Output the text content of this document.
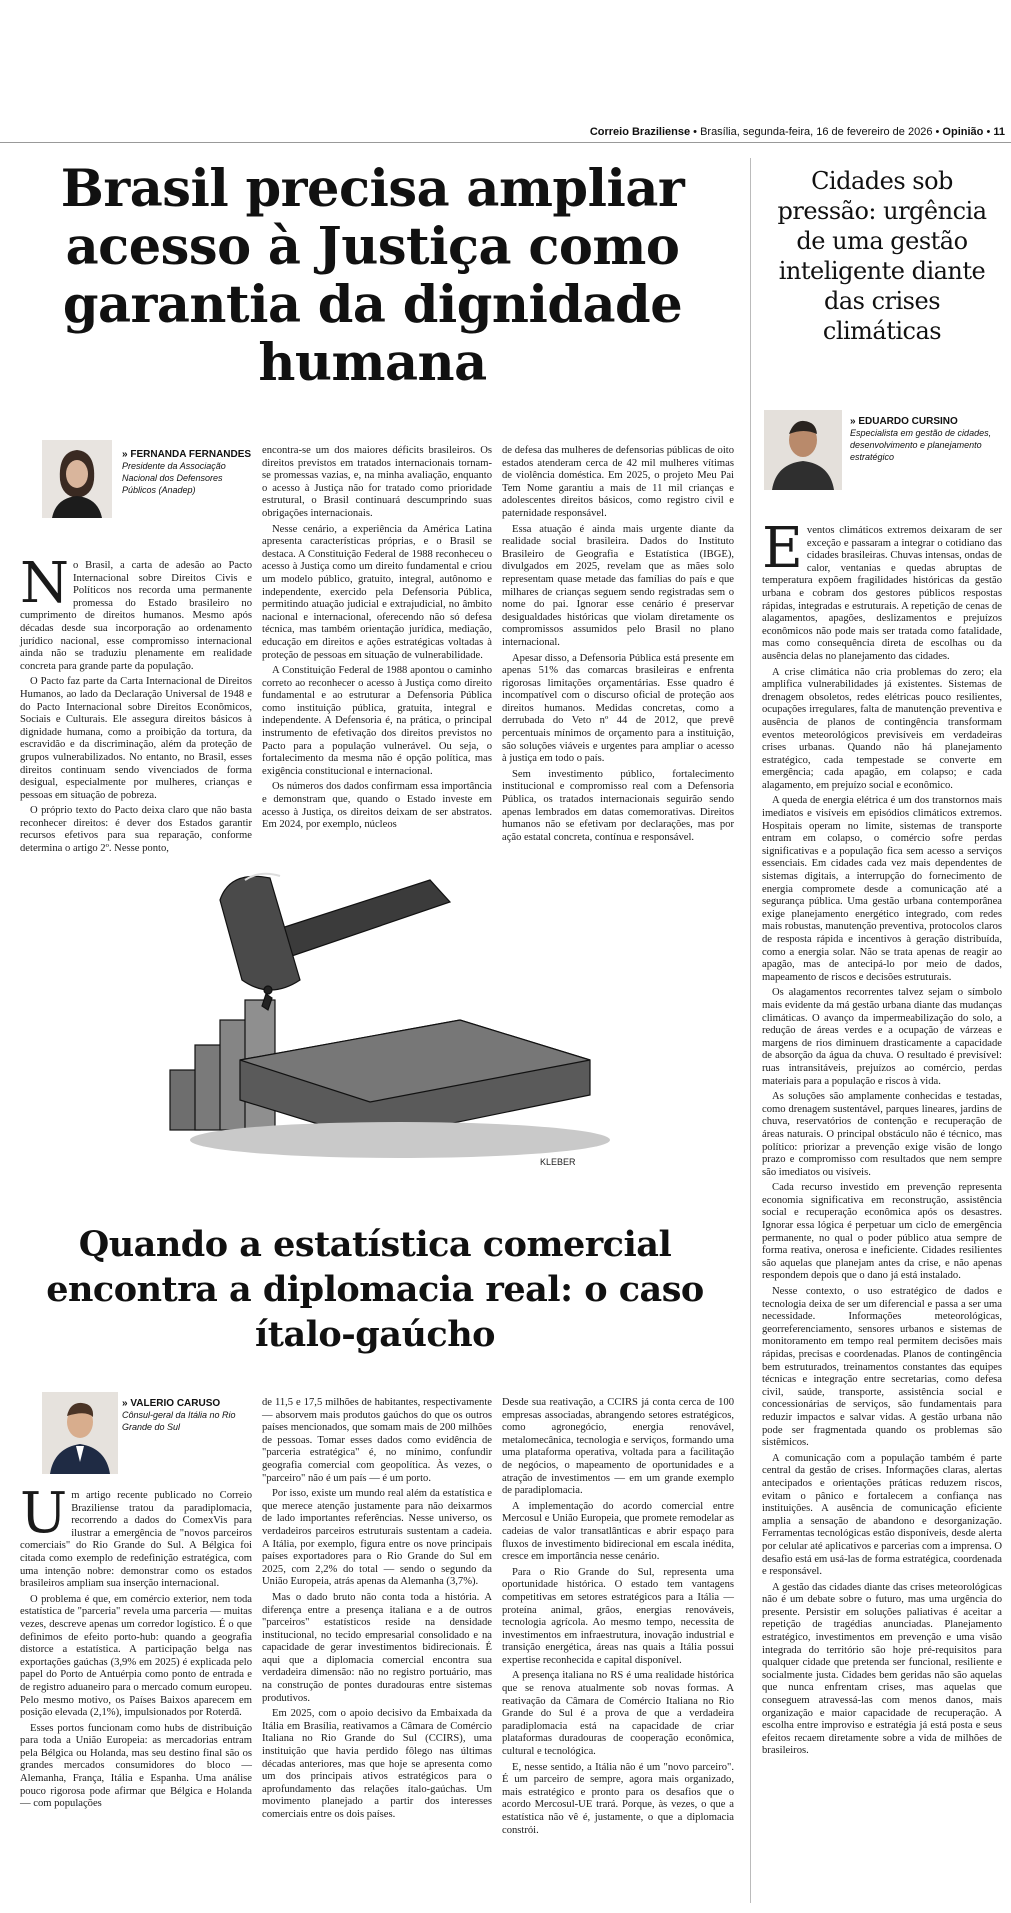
Correio Braziliense • Brasília, segunda-feira, 16 de fevereiro de 2026 • Opinião • 11
Brasil precisa ampliar acesso à Justiça como garantia da dignidade humana
» FERNANDA FERNANDES
Presidente da Associação Nacional dos Defensores Públicos (Anadep)

No Brasil, a carta de adesão ao Pacto Internacional sobre Direitos Civis e Políticos nos recorda uma permanente promessa do Estado brasileiro no cumprimento de direitos humanos. Mesmo após décadas desde sua incorporação ao ordenamento jurídico nacional, esse compromisso internacional ainda não se traduziu plenamente em realidade concreta para grande parte da população.

O Pacto faz parte da Carta Internacional de Direitos Humanos, ao lado da Declaração Universal de 1948 e do Pacto Internacional sobre Direitos Econômicos, Sociais e Culturais. Ele assegura direitos básicos à dignidade humana, como a proibição da tortura, da escravidão e da discriminação, além da proteção de grupos vulnerabilizados. No entanto, no Brasil, esses direitos continuam sendo vivenciados de forma desigual, especialmente por mulheres, crianças e pessoas em situação de pobreza.

O próprio texto do Pacto deixa claro que não basta reconhecer direitos: é dever dos Estados garantir recursos efetivos para sua reparação, conforme determina o artigo 2º. Nesse ponto,

encontra-se um dos maiores déficits brasileiros. Os direitos previstos em tratados internacionais tornam-se promessas vazias, e, na minha avaliação, enquanto o acesso à Justiça não for tratado como prioridade estrutural, o Brasil continuará descumprindo suas obrigações internacionais.

Nesse cenário, a experiência da América Latina apresenta características próprias, e o Brasil se destaca. A Constituição Federal de 1988 reconheceu o acesso à Justiça como um direito fundamental e criou um modelo público, gratuito, integral, autônomo e independente, exercido pela Defensoria Pública, permitindo atuação judicial e extrajudicial, no âmbito nacional e internacional, oferecendo não só defesa técnica, mas também orientação jurídica, mediação, educação em direitos e ações estratégicas voltadas à proteção de pessoas em situação de vulnerabilidade.

A Constituição Federal de 1988 apontou o caminho correto ao reconhecer o acesso à Justiça como direito fundamental e ao estruturar a Defensoria Pública como instituição pública, gratuita, integral e independente. A Defensoria é, na prática, o principal instrumento de efetivação dos direitos previstos no Pacto para a população vulnerável. Ou seja, o fortalecimento da mesma não é opção política, mas exigência constitucional e internacional.

Os números dos dados confirmam essa importância e demonstram que, quando o Estado investe em acesso à Justiça, os direitos deixam de ser abstratos. Em 2024, por exemplo, núcleos

de defesa das mulheres de defensorias públicas de oito estados atenderam cerca de 42 mil mulheres vítimas de violência doméstica. Em 2025, o projeto Meu Pai Tem Nome garantiu a mais de 11 mil crianças e adolescentes direitos básicos, como registro civil e paternidade responsável.

Essa atuação é ainda mais urgente diante da realidade social brasileira. Dados do Instituto Brasileiro de Geografia e Estatística (IBGE), divulgados em 2025, revelam que as mães solo representam quase metade das famílias do país e que milhares de crianças seguem sendo registradas sem o nome do pai. Ignorar esse cenário é preservar desigualdades históricas que violam diretamente os compromissos assumidos pelo Brasil no plano internacional.

Apesar disso, a Defensoria Pública está presente em apenas 51% das comarcas brasileiras e enfrenta rigorosas limitações orçamentárias. Esse quadro é incompatível com o discurso oficial de proteção aos direitos humanos. Medidas concretas, como a derrubada do Veto nº 44 de 2012, que prevê percentuais mínimos de orçamento para a instituição, são soluções viáveis e urgentes para ampliar o acesso à justiça em todo o país.

Sem investimento público, fortalecimento institucional e compromisso real com a Defensoria Pública, os tratados internacionais seguirão sendo apenas lembrados em datas comemorativas. Direitos humanos não se efetivam por declarações, mas por ação estatal concreta, contínua e responsável.

KLEBER
Quando a estatística comercial encontra a diplomacia real: o caso ítalo-gaúcho
» VALERIO CARUSO
Cônsul-geral da Itália no Rio Grande do Sul

Um artigo recente publicado no Correio Braziliense tratou da paradiplomacia, recorrendo a dados do ComexVis para ilustrar a emergência de "novos parceiros comerciais" do Rio Grande do Sul. A Bélgica foi citada como exemplo de redefinição estratégica, com uma intenção nobre: demonstrar como os estados brasileiros ampliam sua inserção internacional.

O problema é que, em comércio exterior, nem toda estatística de "parceria" revela uma parceria — muitas vezes, descreve apenas um corredor logístico. É o que definimos de efeito porto-hub: quando a geografia distorce a estatística. A participação belga nas exportações gaúchas (3,9% em 2025) é explicada pelo papel do Porto de Antuérpia como ponto de entrada e de registro aduaneiro para o mercado comum europeu. Pelo mesmo motivo, os Países Baixos aparecem em posição elevada (2,1%), impulsionados por Roterdã.

Esses portos funcionam como hubs de distribuição para toda a União Europeia: as mercadorias entram pela Bélgica ou Holanda, mas seu destino final são os grandes mercados consumidores do bloco — Alemanha, França, Itália e Espanha. Uma análise pouco rigorosa pode afirmar que Bélgica e Holanda — com populações

de 11,5 e 17,5 milhões de habitantes, respectivamente — absorvem mais produtos gaúchos do que os outros países mencionados, que somam mais de 200 milhões de pessoas. Tomar esses dados como evidência de "parceria estratégica" é, no mínimo, confundir geografia comercial com geopolítica. Às vezes, o "parceiro" não é um país — é um porto.

Por isso, existe um mundo real além da estatística e que merece atenção justamente para não deixarmos de lado importantes referências. Nesse universo, os verdadeiros parceiros estruturais sustentam a cadeia. A Itália, por exemplo, figura entre os nove principais países exportadores para o Rio Grande do Sul em 2025, com 2,2% do total — sendo o segundo da União Europeia, atrás apenas da Alemanha (3,7%).

Mas o dado bruto não conta toda a história. A diferença entre a presença italiana e a de outros "parceiros" estatísticos reside na densidade institucional, no tecido empresarial consolidado e na capacidade de gerar investimentos bidirecionais. É aqui que a diplomacia comercial encontra sua verdadeira dimensão: não no registro portuário, mas na construção de pontes duradouras entre sistemas produtivos.

Em 2025, com o apoio decisivo da Embaixada da Itália em Brasília, reativamos a Câmara de Comércio Italiana no Rio Grande do Sul (CCIRS), uma instituição que havia perdido fôlego nas últimas décadas anteriores, mas que hoje se apresenta como um dos principais ativos estratégicos para o aprofundamento das relações ítalo-gaúchas. Um movimento planejado a partir dos interesses comerciais entre os dois países.

Desde sua reativação, a CCIRS já conta cerca de 100 empresas associadas, abrangendo setores estratégicos, como agronegócio, energia renovável, metalomecânica, tecnologia e serviços, formando uma uma plataforma operativa, voltada para a facilitação de negócios, o mapeamento de oportunidades e a atração de investimentos — em um grande exemplo de paradiplomacia.

A implementação do acordo comercial entre Mercosul e União Europeia, que promete remodelar as cadeias de valor transatlânticas e abrir espaço para fluxos de investimento bidirecional em escala inédita, cresce em importância nesse cenário.

Para o Rio Grande do Sul, representa uma oportunidade histórica. O estado tem vantagens competitivas em setores estratégicos para a Itália — proteína animal, grãos, energias renováveis, tecnologia agrícola. Ao mesmo tempo, necessita de investimentos em infraestrutura, inovação industrial e transição energética, áreas nas quais a Itália possui expertise reconhecida e capital disponível.

A presença italiana no RS é uma realidade histórica que se renova atualmente sob novas formas. A reativação da Câmara de Comércio Italiana no Rio Grande do Sul é a prova de que a verdadeira paradiplomacia está na capacidade de criar plataformas duradouras de cooperação econômica, cultural e tecnológica.

E, nesse sentido, a Itália não é um "novo parceiro". É um parceiro de sempre, agora mais organizado, mais estratégico e pronto para os desafios que o acordo Mercosul-UE trará. Porque, às vezes, o que a estatística não vê é, justamente, o que a diplomacia constrói.

Cidades sob pressão: urgência de uma gestão inteligente diante das crises climáticas
» EDUARDO CURSINO
Especialista em gestão de cidades, desenvolvimento e planejamento estratégico

Eventos climáticos extremos deixaram de ser exceção e passaram a integrar o cotidiano das cidades brasileiras. Chuvas intensas, ondas de calor, ventanias e quedas abruptas de temperatura expõem fragilidades históricas da gestão urbana e cobram dos gestores públicos respostas rápidas, integradas e estruturais. A repetição de cenas de alagamentos, apagões, deslizamentos e prejuízos econômicos não pode mais ser tratada como fatalidade, mas como consequência direta de escolhas ou da ausência delas no planejamento das cidades.

A crise climática não cria problemas do zero; ela amplifica vulnerabilidades já existentes. Sistemas de drenagem obsoletos, redes elétricas pouco resilientes, ocupações irregulares, falta de manutenção preventiva e ausência de planos de contingência transformam eventos meteorológicos previsíveis em verdadeiras crises urbanas. Quando não há planejamento estratégico, cada tempestade se converte em emergência; cada apagão, em colapso; e cada alagamento, em prejuízo social e econômico.

A queda de energia elétrica é um dos transtornos mais imediatos e visíveis em episódios climáticos extremos. Hospitais operam no limite, sistemas de transporte entram em colapso, o comércio sofre perdas significativas e a população fica sem acesso a serviços essenciais. Em cidades cada vez mais dependentes de sistemas digitais, a interrupção do fornecimento de energia compromete desde a comunicação até a segurança pública. Uma gestão urbana contemporânea exige planejamento energético integrado, com redes mais robustas, manutenção preventiva, protocolos claros de resposta rápida e incentivos à geração distribuída, como a energia solar. Não se trata apenas de reagir ao apagão, mas de antecipá-lo por meio de dados, mapeamento de riscos e decisões estruturais.

Os alagamentos recorrentes talvez sejam o símbolo mais evidente da má gestão urbana diante das mudanças climáticas. O avanço da impermeabilização do solo, a redução de áreas verdes e a ocupação de várzeas e margens de rios diminuem drasticamente a capacidade de absorção da água da chuva. O resultado é previsível: ruas intransitáveis, prejuízos ao comércio, perdas materiais para a população e riscos à vida.

As soluções são amplamente conhecidas e testadas, como drenagem sustentável, parques lineares, jardins de chuva, reservatórios de contenção e recuperação de áreas naturais. O principal obstáculo não é técnico, mas político: priorizar a prevenção exige visão de longo prazo e compromisso com resultados que nem sempre são imediatos ou visíveis.

Cada recurso investido em prevenção representa economia significativa em reconstrução, assistência social e recuperação econômica após os desastres. Ignorar essa lógica é perpetuar um ciclo de emergência permanente, no qual o poder público atua sempre de forma reativa, onerosa e ineficiente. Cidades resilientes são aquelas que planejam antes da crise, e não apenas respondem depois que o dano já está instalado.

Nesse contexto, o uso estratégico de dados e tecnologia deixa de ser um diferencial e passa a ser uma necessidade. Informações meteorológicas, georreferenciamento, sensores urbanos e sistemas de monitoramento em tempo real permitem decisões mais rápidas, precisas e coordenadas. Planos de contingência bem estruturados, treinamentos constantes das equipes técnicas e integração entre secretarias, como defesa civil, saúde, transporte, assistência social e concessionárias de serviços, são fundamentais para reduzir impactos e salvar vidas. A gestão urbana não pode ser fragmentada quando os problemas são sistêmicos.

A comunicação com a população também é parte central da gestão de crises. Informações claras, alertas antecipados e orientações práticas reduzem riscos, evitam o pânico e fortalecem a confiança nas instituições. A ausência de comunicação eficiente amplia a sensação de abandono e desorganização. Ferramentas tecnológicas estão disponíveis, desde alerta por celular até aplicativos e parcerias com a imprensa. O desafio está em usá-las de forma estratégica, coordenada e responsável.

A gestão das cidades diante das crises meteorológicas não é um debate sobre o futuro, mas uma urgência do presente. Persistir em soluções paliativas é aceitar a repetição de tragédias anunciadas. Planejamento estratégico, investimentos em prevenção e uma visão integrada do território são hoje pré-requisitos para qualquer cidade que pretenda ser funcional, resiliente e socialmente justa. Cidades bem geridas não são aquelas que nunca enfrentam crises, mas aquelas que conseguem atravessá-las com menos danos, mais organização e maior capacidade de recuperação. A escolha entre improviso e estratégia já está posta e seus efeitos recaem diretamente sobre a vida de milhões de brasileiros.
